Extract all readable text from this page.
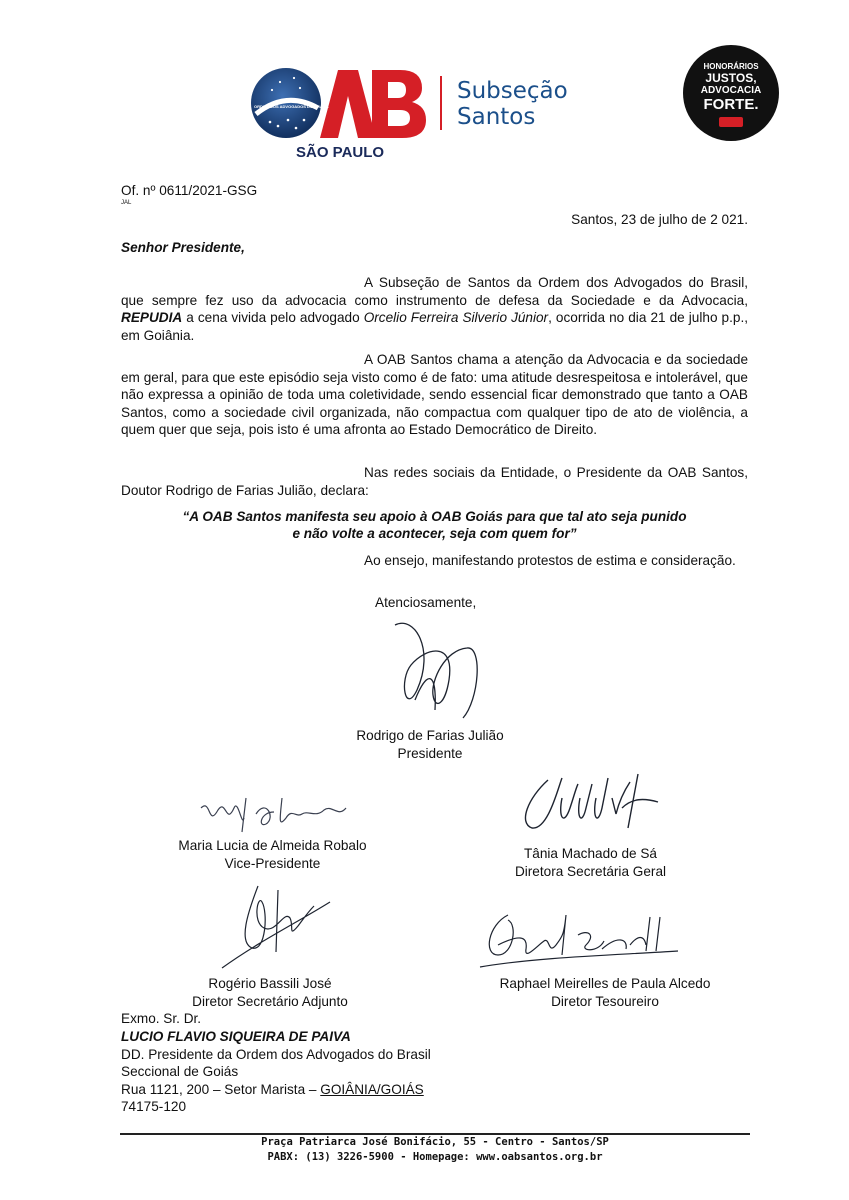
ORDEM DOS ADVOGADOS DO BRASIL
SÃO PAULO
Subseção
Santos
HONORÁRIOS
JUSTOS,
ADVOCACIA
FORTE.
Of. nº 0611/2021-GSG
JAL
Santos, 23 de julho de 2 021.
Senhor Presidente,
A Subseção de Santos da Ordem dos Advogados do Brasil, que sempre fez uso da advocacia como instrumento de defesa da Sociedade e da Advocacia, REPUDIA a cena vivida pelo advogado Orcelio Ferreira Silverio Júnior, ocorrida no dia 21 de julho p.p., em Goiânia.
A OAB Santos chama a atenção da Advocacia e da sociedade em geral, para que este episódio seja visto como é de fato: uma atitude desrespeitosa e intolerável, que não expressa a opinião de toda uma coletividade, sendo essencial ficar demonstrado que tanto a OAB Santos, como a sociedade civil organizada, não compactua com qualquer tipo de ato de violência, a quem quer que seja, pois isto é uma afronta ao Estado Democrático de Direito.
Nas redes sociais da Entidade, o Presidente da OAB Santos, Doutor Rodrigo de Farias Julião, declara:
“A OAB Santos manifesta seu apoio à OAB Goiás para que tal ato seja punido
e não volte a acontecer, seja com quem for”
Ao ensejo, manifestando protestos de estima e consideração.
Atenciosamente,
Rodrigo de Farias Julião
Presidente
Maria Lucia de Almeida Robalo
Vice-Presidente
Tânia Machado de Sá
Diretora Secretária Geral
Rogério Bassili José
Diretor Secretário Adjunto
Raphael Meirelles de Paula Alcedo
Diretor Tesoureiro
Exmo. Sr. Dr.
LUCIO FLAVIO SIQUEIRA DE PAIVA
DD. Presidente da Ordem dos Advogados do Brasil
Seccional de Goiás
Rua 1121, 200 – Setor Marista – GOIÂNIA/GOIÁS
74175-120
Praça Patriarca José Bonifácio, 55 - Centro - Santos/SP
PABX: (13) 3226-5900 - Homepage: www.oabsantos.org.br
